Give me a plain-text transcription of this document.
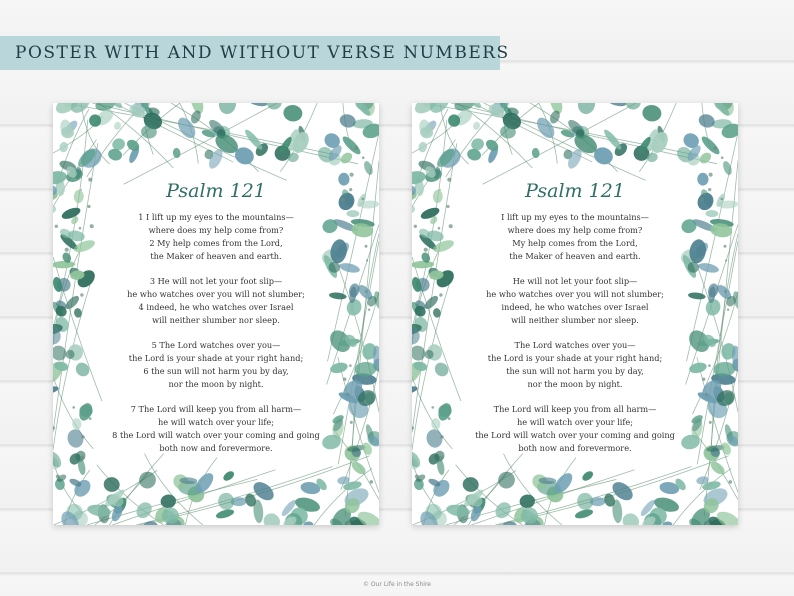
POSTER WITH AND WITHOUT VERSE NUMBERS
Psalm 121
1 I lift up my eyes to the mountains—
where does my help come from?
2 My help comes from the Lord,
the Maker of heaven and earth.
3 He will not let your foot slip—
he who watches over you will not slumber;
4 indeed, he who watches over Israel
will neither slumber nor sleep.
5 The Lord watches over you—
the Lord is your shade at your right hand;
6 the sun will not harm you by day,
nor the moon by night.
7 The Lord will keep you from all harm—
he will watch over your life;
8 the Lord will watch over your coming and going
both now and forevermore.
Psalm 121
I lift up my eyes to the mountains—
where does my help come from?
My help comes from the Lord,
the Maker of heaven and earth.
He will not let your foot slip—
he who watches over you will not slumber;
indeed, he who watches over Israel
will neither slumber nor sleep.
The Lord watches over you—
the Lord is your shade at your right hand;
the sun will not harm you by day,
nor the moon by night.
The Lord will keep you from all harm—
he will watch over your life;
the Lord will watch over your coming and going
both now and forevermore.
© Our Life in the Shire
